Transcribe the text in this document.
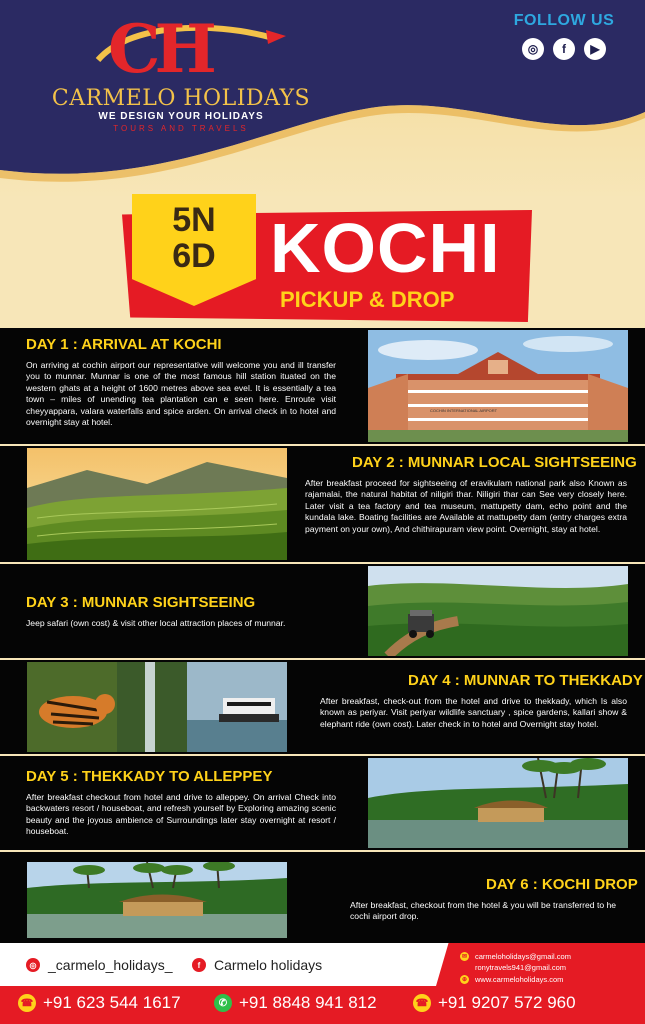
CH
CARMELO HOLIDAYS
WE DESIGN YOUR HOLIDAYS
TOURS AND TRAVELS
FOLLOW US
◎	f	▶
5N
6D KOCHI
PICKUP & DROP
DAY 1 : ARRIVAL AT KOCHI
On arriving at cochin airport our representative will welcome you and ill transfer you to munnar. Munnar is one of the most famous hill station ituated on the western ghats at a height of 1600 metres above sea evel. It is essentially a tea town – miles of unending tea plantation can e seen here. Enroute visit cheyyappara, valara waterfalls and spice arden. On arrival check in to hotel and overnight stay at hotel.
COCHIN INTERNATIONAL AIRPORT
DAY 2 : MUNNAR LOCAL SIGHTSEEING
After breakfast proceed for sightseeing of eravikulam national park also Known as rajamalai, the natural habitat of niligiri thar. Niligiri thar can See very closely here. Later visit a tea factory and tea museum, mattupetty dam, echo point and the kundala lake. Boating facilities are Available at mattupetty dam (entry charges extra payment on your own), And chithirapuram view point. Overnight, stay at hotel.
DAY 3 : MUNNAR SIGHTSEEING
Jeep safari (own cost) & visit other local attraction places of munnar.
DAY 4 : MUNNAR TO THEKKADY
After breakfast, check-out from the hotel and drive to thekkady, which Is also known as periyar. Visit periyar wildlife sanctuary , spice gardens, kallari show & elephant ride (own cost). Later check in to hotel and Overnight stay hotel.
DAY 5 : THEKKADY TO ALLEPPEY
After breakfast checkout from hotel and drive to alleppey. On arrival Check into backwaters resort / houseboat, and refresh yourself by Exploring amazing scenic beauty and the joyous ambience of Surroundings later stay overnight at resort / houseboat.
DAY 6 : KOCHI DROP
After breakfast, checkout from the hotel & you will be transferred to he cochi airport drop.
◎ _carmelo_holidays_	f Carmelo holidays	✉ carmeloholidays@gmail.com
ronytravels941@gmail.com
⊕ www.carmeloholidays.com
☎ +91 623 544 1617	✆ +91 8848 941 812	☎ +91 9207 572 960
